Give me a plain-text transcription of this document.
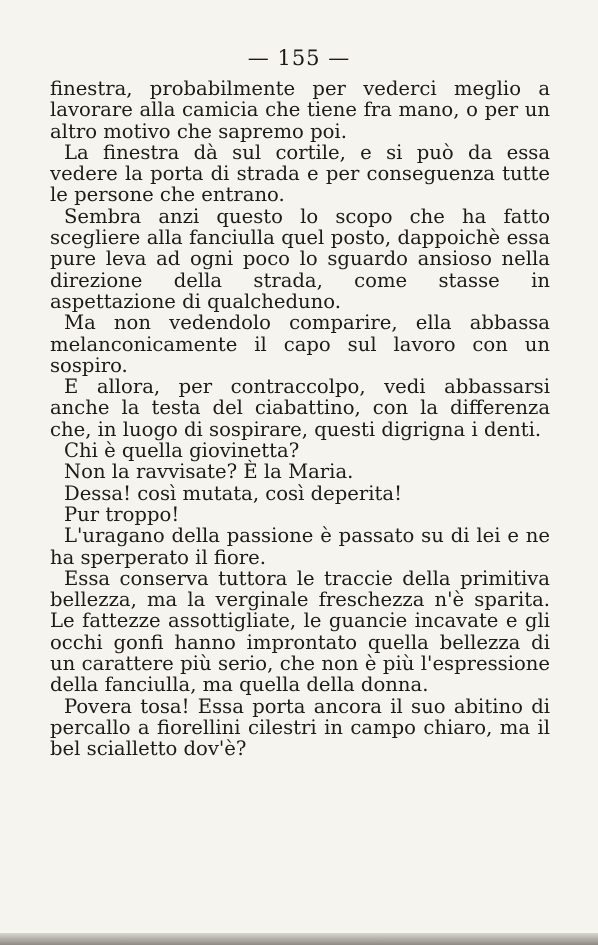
— 155 —

finestra, probabilmente per vederci meglio a lavorare alla camicia che tiene fra mano, o per un altro motivo che sapremo poi.

La finestra dà sul cortile, e si può da essa vedere la porta di strada e per conseguenza tutte le persone che entrano.

Sembra anzi questo lo scopo che ha fatto scegliere alla fanciulla quel posto, dappoichè essa pure leva ad ogni poco lo sguardo ansioso nella direzione della strada, come stasse in aspettazione di qualcheduno.

Ma non vedendolo comparire, ella abbassa melanconicamente il capo sul lavoro con un sospiro.

E allora, per contraccolpo, vedi abbassarsi anche la testa del ciabattino, con la differenza che, in luogo di sospirare, questi digrigna i denti.

Chi è quella giovinetta?

Non la ravvisate? È la Maria.

Dessa! così mutata, così deperita!

Pur troppo!

L'uragano della passione è passato su di lei e ne ha sperperato il fiore.

Essa conserva tuttora le traccie della primitiva bellezza, ma la verginale freschezza n'è sparita. Le fattezze assottigliate, le guancie incavate e gli occhi gonfi hanno improntato quella bellezza di un carattere più serio, che non è più l'espressione della fanciulla, ma quella della donna.

Povera tosa! Essa porta ancora il suo abitino di percallo a fiorellini cilestri in campo chiaro, ma il bel scialletto dov'è?
